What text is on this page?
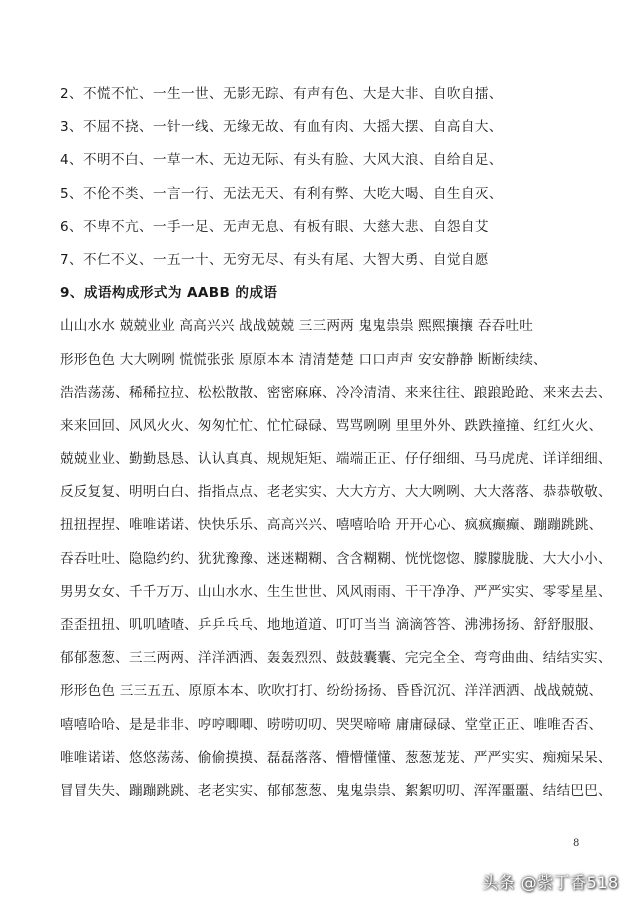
2、不慌不忙、一生一世、无影无踪、有声有色、大是大非、自吹自擂、
3、不屈不挠、一针一线、无缘无故、有血有肉、大摇大摆、自高自大、
4、不明不白、一草一木、无边无际、有头有脸、大风大浪、自给自足、
5、不伦不类、一言一行、无法无天、有利有弊、大吃大喝、自生自灭、
6、不卑不亢、一手一足、无声无息、有板有眼、大慈大悲、自怨自艾
7、不仁不义、一五一十、无穷无尽、有头有尾、大智大勇、自觉自愿
9、成语构成形式为 AABB 的成语
山山水水 兢兢业业 高高兴兴 战战兢兢 三三两两 鬼鬼祟祟 熙熙攘攘 吞吞吐吐
形形色色 大大咧咧 慌慌张张 原原本本 清清楚楚 口口声声 安安静静 断断续续、
浩浩荡荡、稀稀拉拉、松松散散、密密麻麻、冷冷清清、来来往往、踉踉跄跄、来来去去、
来来回回、风风火火、匆匆忙忙、忙忙碌碌、骂骂咧咧 里里外外、跌跌撞撞、红红火火、
兢兢业业、勤勤恳恳、认认真真、规规矩矩、端端正正、仔仔细细、马马虎虎、详详细细、
反反复复、明明白白、指指点点、老老实实、大大方方、大大咧咧、大大落落、恭恭敬敬、
扭扭捏捏、唯唯诺诺、快快乐乐、高高兴兴、嘻嘻哈哈 开开心心、疯疯癫癫、蹦蹦跳跳、
吞吞吐吐、隐隐约约、犹犹豫豫、迷迷糊糊、含含糊糊、恍恍惚惚、朦朦胧胧、大大小小、
男男女女、千千万万、山山水水、生生世世、风风雨雨、干干净净、严严实实、零零星星、
歪歪扭扭、叽叽喳喳、乒乒乓乓、地地道道、叮叮当当 滴滴答答、沸沸扬扬、舒舒服服、
郁郁葱葱、三三两两、洋洋洒洒、轰轰烈烈、鼓鼓囊囊、完完全全、弯弯曲曲、结结实实、
形形色色 三三五五、原原本本、吹吹打打、纷纷扬扬、昏昏沉沉、洋洋洒洒、战战兢兢、
嘻嘻哈哈、是是非非、哼哼唧唧、唠唠叨叨、哭哭啼啼 庸庸碌碌、堂堂正正、唯唯否否、
唯唯诺诺、悠悠荡荡、偷偷摸摸、磊磊落落、懵懵懂懂、葱葱茏茏、严严实实、痴痴呆呆、
冒冒失失、蹦蹦跳跳、老老实实、郁郁葱葱、鬼鬼祟祟、絮絮叨叨、浑浑噩噩、结结巴巴、
8
头条 @紫丁香518
